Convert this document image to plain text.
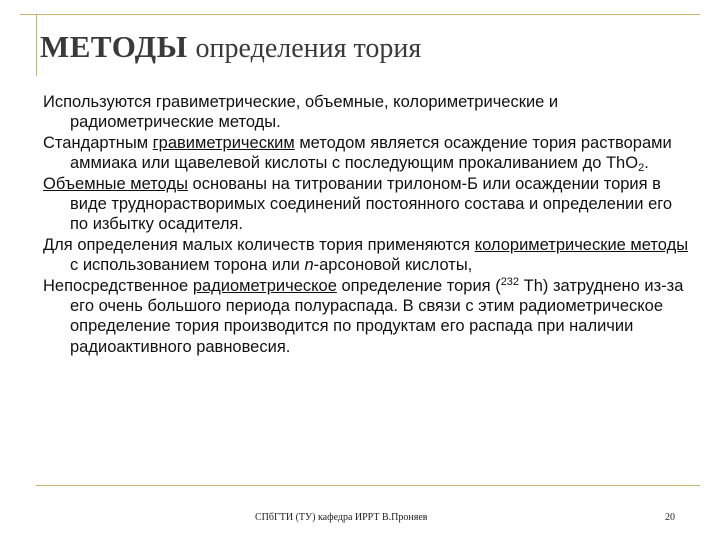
МЕТОДЫ определения тория

Используются гравиметрические, объемные, колориметрические и радиометрические методы.

Стандартным гравиметрическим методом является осаждение тория растворами аммиака или щавелевой кислоты с последующим прокаливанием до ThO$_2$.

Объемные методы основаны на титровании трилоном-Б или осаждении тория в виде труднорастворимых соединений постоянного состава и определении его по избытку осадителя.

Для определения малых количеств тория применяются колориметрические методы с использованием торона или n-арсоновой кислоты,

Непосредственное радиометрическое определение тория ($^{232}$ Th) затруднено из-за его очень большого периода полураспада. В связи с этим радиометрическое определение тория производится по продуктам его распада при наличии радиоактивного равновесия.

СПбГТИ (ТУ) кафедра ИРРТ В.Проняев	20
